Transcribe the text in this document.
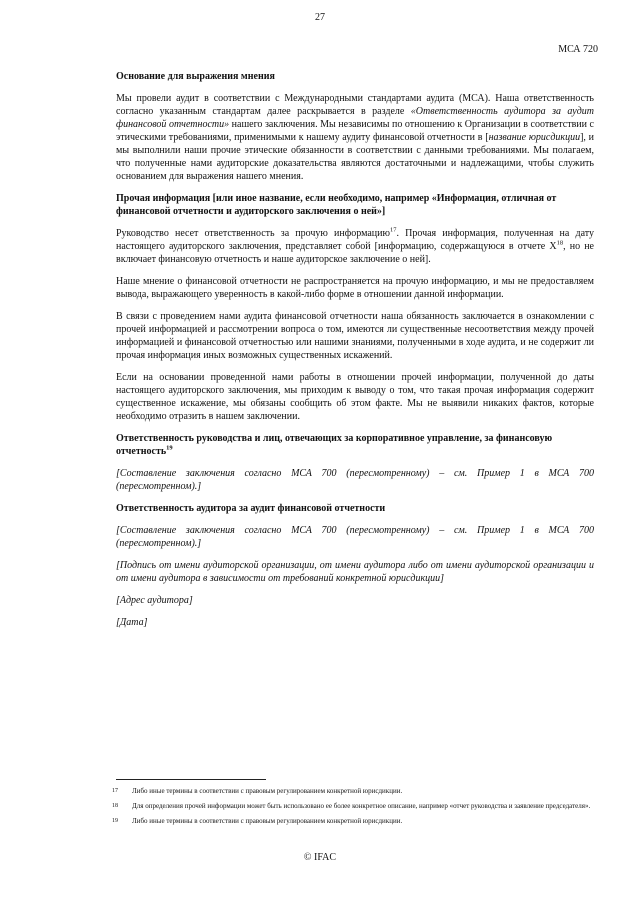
27
МСА 720
Основание для выражения мнения
Мы провели аудит в соответствии с Международными стандартами аудита (МСА). Наша ответственность согласно указанным стандартам далее раскрывается в разделе «Ответственность аудитора за аудит финансовой отчетности» нашего заключения. Мы независимы по отношению к Организации в соответствии с этическими требованиями, применимыми к нашему аудиту финансовой отчетности в [название юрисдикции], и мы выполнили наши прочие этические обязанности в соответствии с данными требованиями. Мы полагаем, что полученные нами аудиторские доказательства являются достаточными и надлежащими, чтобы служить основанием для выражения нашего мнения.
Прочая информация [или иное название, если необходимо, например «Информация, отличная от финансовой отчетности и аудиторского заключения о ней»]
Руководство несет ответственность за прочую информацию$^{17}$. Прочая информация, полученная на дату настоящего аудиторского заключения, представляет собой [информацию, содержащуюся в отчете $X^{18}$, но не включает финансовую отчетность и наше аудиторское заключение о ней].
Наше мнение о финансовой отчетности не распространяется на прочую информацию, и мы не предоставляем вывода, выражающего уверенность в какой-либо форме в отношении данной информации.
В связи с проведением нами аудита финансовой отчетности наша обязанность заключается в ознакомлении с прочей информацией и рассмотрении вопроса о том, имеются ли существенные несоответствия между прочей информацией и финансовой отчетностью или нашими знаниями, полученными в ходе аудита, и не содержит ли прочая информация иных возможных существенных искажений.
Если на основании проведенной нами работы в отношении прочей информации, полученной до даты настоящего аудиторского заключения, мы приходим к выводу о том, что такая прочая информация содержит существенное искажение, мы обязаны сообщить об этом факте. Мы не выявили никаких фактов, которые необходимо отразить в нашем заключении.
Ответственность руководства и лиц, отвечающих за корпоративное управление, за финансовую отчетность$^{19}$
[Составление заключения согласно МСА 700 (пересмотренному) – см. Пример 1 в МСА 700 (пересмотренном).]
Ответственность аудитора за аудит финансовой отчетности
[Составление заключения согласно МСА 700 (пересмотренному) – см. Пример 1 в МСА 700 (пересмотренном).]
[Подпись от имени аудиторской организации, от имени аудитора либо от имени аудиторской организации и от имени аудитора в зависимости от требований конкретной юрисдикции]
[Адрес аудитора]
[Дата]
17	Либо иные термины в соответствии с правовым регулированием конкретной юрисдикции.
18	Для определения прочей информации может быть использовано ее более конкретное описание, например «отчет руководства и заявление председателя».
19	Либо иные термины в соответствии с правовым регулированием конкретной юрисдикции.
© IFAC
